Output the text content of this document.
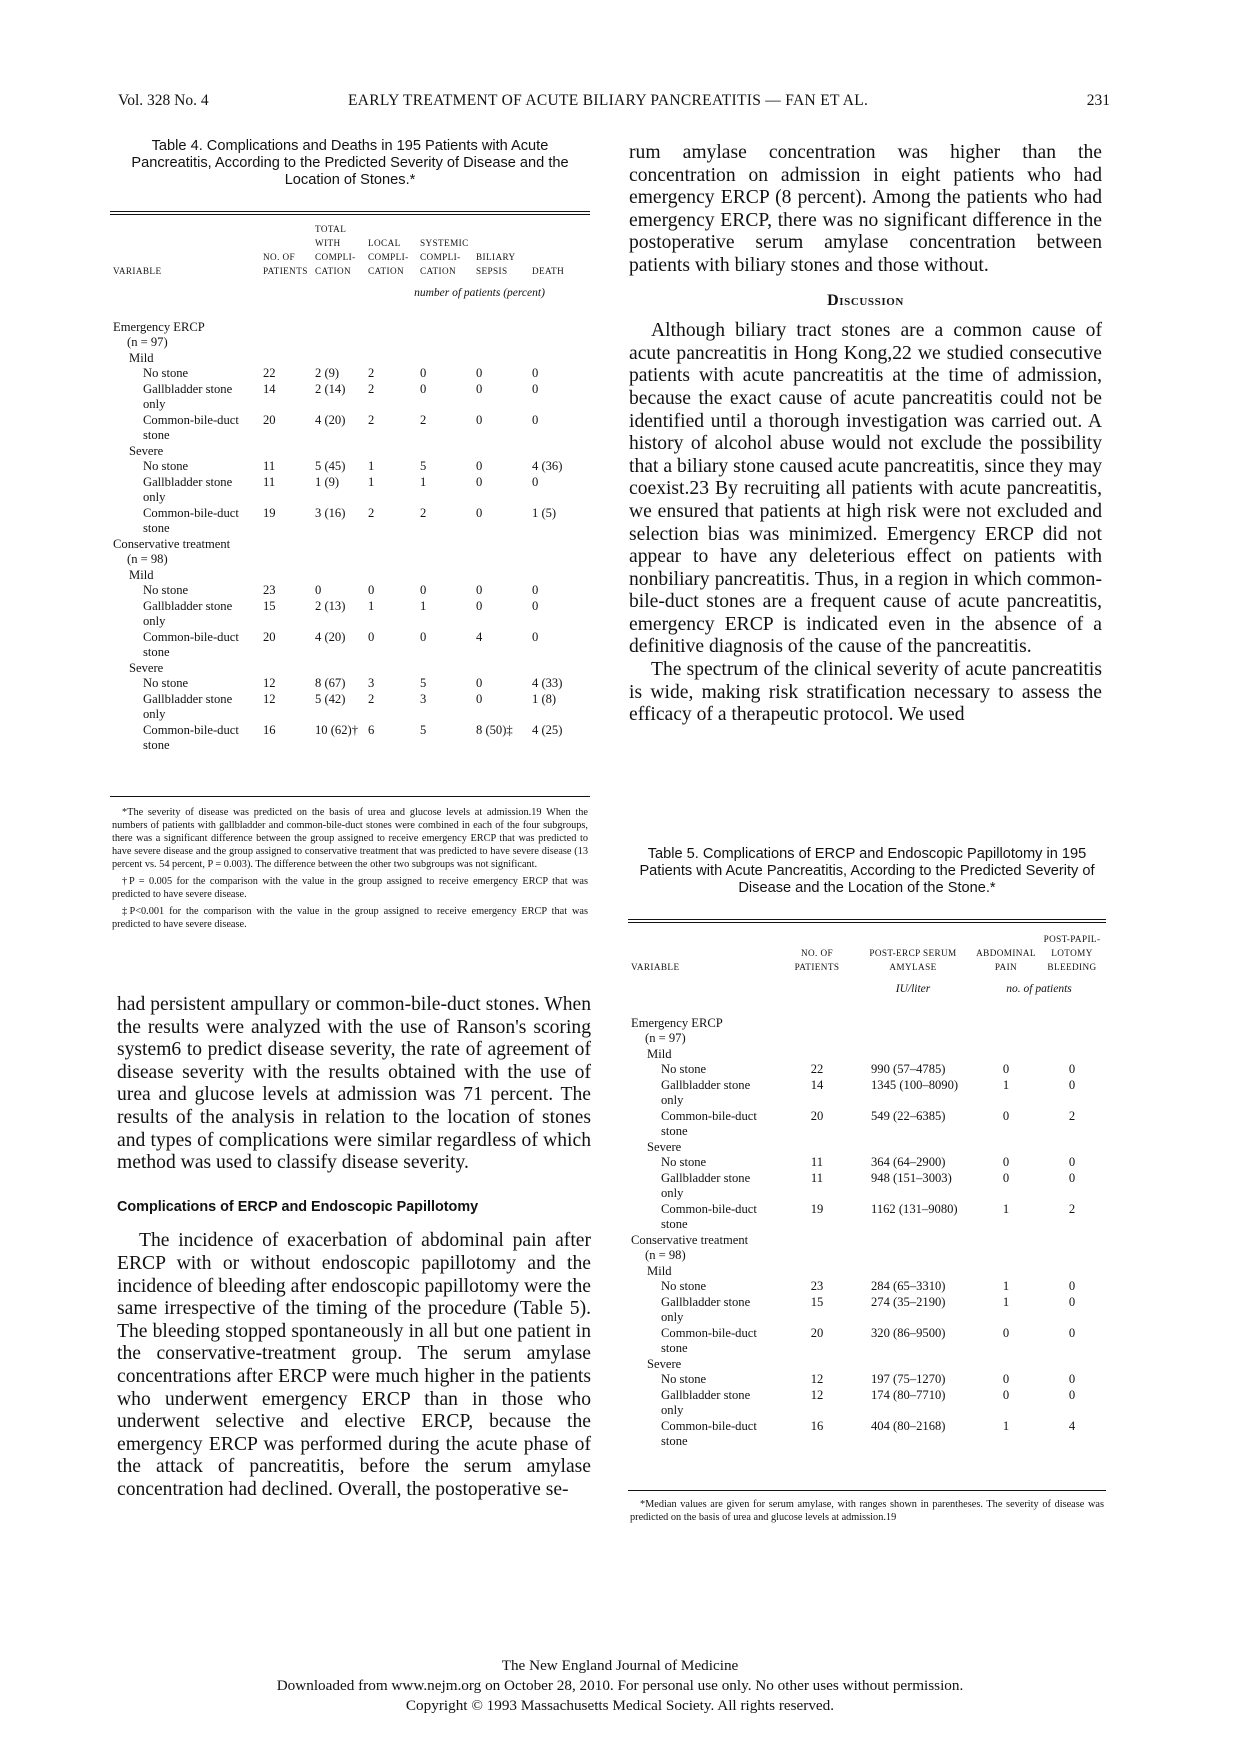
Vol. 328 No. 4	EARLY TREATMENT OF ACUTE BILIARY PANCREATITIS — FAN ET AL.	231
Table 4. Complications and Deaths in 195 Patients with Acute Pancreatitis, According to the Predicted Severity of Disease and the Location of Stones.*
VARIABLE	NO. OF PATIENTS	TOTAL WITH COMPLI-CATION	LOCAL COMPLI-CATION	SYSTEMIC COMPLI-CATION	BILIARY SEPSIS	DEATH
			number of patients (percent)			
Emergency ERCP						
(n = 97)						
Mild						
No stone	22	2 (9)	2	0	0	0
Gallbladder stone only	14	2 (14)	2	0	0	0
Common-bile-duct stone	20	4 (20)	2	2	0	0
Severe						
No stone	11	5 (45)	1	5	0	4 (36)
Gallbladder stone only	11	1 (9)	1	1	0	0
Common-bile-duct stone	19	3 (16)	2	2	0	1 (5)
Conservative treatment						
(n = 98)						
Mild						
No stone	23	0	0	0	0	0
Gallbladder stone only	15	2 (13)	1	1	0	0
Common-bile-duct stone	20	4 (20)	0	0	4	0
Severe						
No stone	12	8 (67)	3	5	0	4 (33)
Gallbladder stone only	12	5 (42)	2	3	0	1 (8)
Common-bile-duct stone	16	10 (62)†	6	5	8 (50)‡	4 (25)

*The severity of disease was predicted on the basis of urea and glucose levels at admission.19 When the numbers of patients with gallbladder and common-bile-duct stones were combined in each of the four subgroups, there was a significant difference between the group assigned to receive emergency ERCP that was predicted to have severe disease and the group assigned to conservative treatment that was predicted to have severe disease (13 percent vs. 54 percent, P = 0.003). The difference between the other two subgroups was not significant.

†P = 0.005 for the comparison with the value in the group assigned to receive emergency ERCP that was predicted to have severe disease.

‡P<0.001 for the comparison with the value in the group assigned to receive emergency ERCP that was predicted to have severe disease.

had persistent ampullary or common-bile-duct stones. When the results were analyzed with the use of Ranson's scoring system6 to predict disease severity, the rate of agreement of disease severity with the results obtained with the use of urea and glucose levels at admission was 71 percent. The results of the analysis in relation to the location of stones and types of complications were similar regardless of which method was used to classify disease severity.

Complications of ERCP and Endoscopic Papillotomy

The incidence of exacerbation of abdominal pain after ERCP with or without endoscopic papillotomy and the incidence of bleeding after endoscopic papillotomy were the same irrespective of the timing of the procedure (Table 5). The bleeding stopped spontaneously in all but one patient in the conservative-treatment group. The serum amylase concentrations after ERCP were much higher in the patients who underwent emergency ERCP than in those who underwent selective and elective ERCP, because the emergency ERCP was performed during the acute phase of the attack of pancreatitis, before the serum amylase concentration had declined. Overall, the postoperative se-

rum amylase concentration was higher than the concentration on admission in eight patients who had emergency ERCP (8 percent). Among the patients who had emergency ERCP, there was no significant difference in the postoperative serum amylase concentration between patients with biliary stones and those without.

Discussion

Although biliary tract stones are a common cause of acute pancreatitis in Hong Kong,22 we studied consecutive patients with acute pancreatitis at the time of admission, because the exact cause of acute pancreatitis could not be identified until a thorough investigation was carried out. A history of alcohol abuse would not exclude the possibility that a biliary stone caused acute pancreatitis, since they may coexist.23 By recruiting all patients with acute pancreatitis, we ensured that patients at high risk were not excluded and selection bias was minimized. Emergency ERCP did not appear to have any deleterious effect on patients with nonbiliary pancreatitis. Thus, in a region in which common-bile-duct stones are a frequent cause of acute pancreatitis, emergency ERCP is indicated even in the absence of a definitive diagnosis of the cause of the pancreatitis.

The spectrum of the clinical severity of acute pancreatitis is wide, making risk stratification necessary to assess the efficacy of a therapeutic protocol. We used

Table 5. Complications of ERCP and Endoscopic Papillotomy in 195 Patients with Acute Pancreatitis, According to the Predicted Severity of Disease and the Location of the Stone.*
VARIABLE	NO. OF PATIENTS	POST-ERCP SERUM AMYLASE	ABDOMINAL PAIN	POST-PAPIL-LOTOMY BLEEDING
		IU/liter	no. of patients	
Emergency ERCP				
(n = 97)				
Mild				
No stone	22	990 (57–4785)	0	0
Gallbladder stone only	14	1345 (100–8090)	1	0
Common-bile-duct stone	20	549 (22–6385)	0	2
Severe				
No stone	11	364 (64–2900)	0	0
Gallbladder stone only	11	948 (151–3003)	0	0
Common-bile-duct stone	19	1162 (131–9080)	1	2
Conservative treatment				
(n = 98)				
Mild				
No stone	23	284 (65–3310)	1	0
Gallbladder stone only	15	274 (35–2190)	1	0
Common-bile-duct stone	20	320 (86–9500)	0	0
Severe				
No stone	12	197 (75–1270)	0	0
Gallbladder stone only	12	174 (80–7710)	0	0
Common-bile-duct stone	16	404 (80–2168)	1	4

*Median values are given for serum amylase, with ranges shown in parentheses. The severity of disease was predicted on the basis of urea and glucose levels at admission.19

The New England Journal of Medicine
Downloaded from www.nejm.org on October 28, 2010. For personal use only. No other uses without permission.
Copyright © 1993 Massachusetts Medical Society. All rights reserved.
